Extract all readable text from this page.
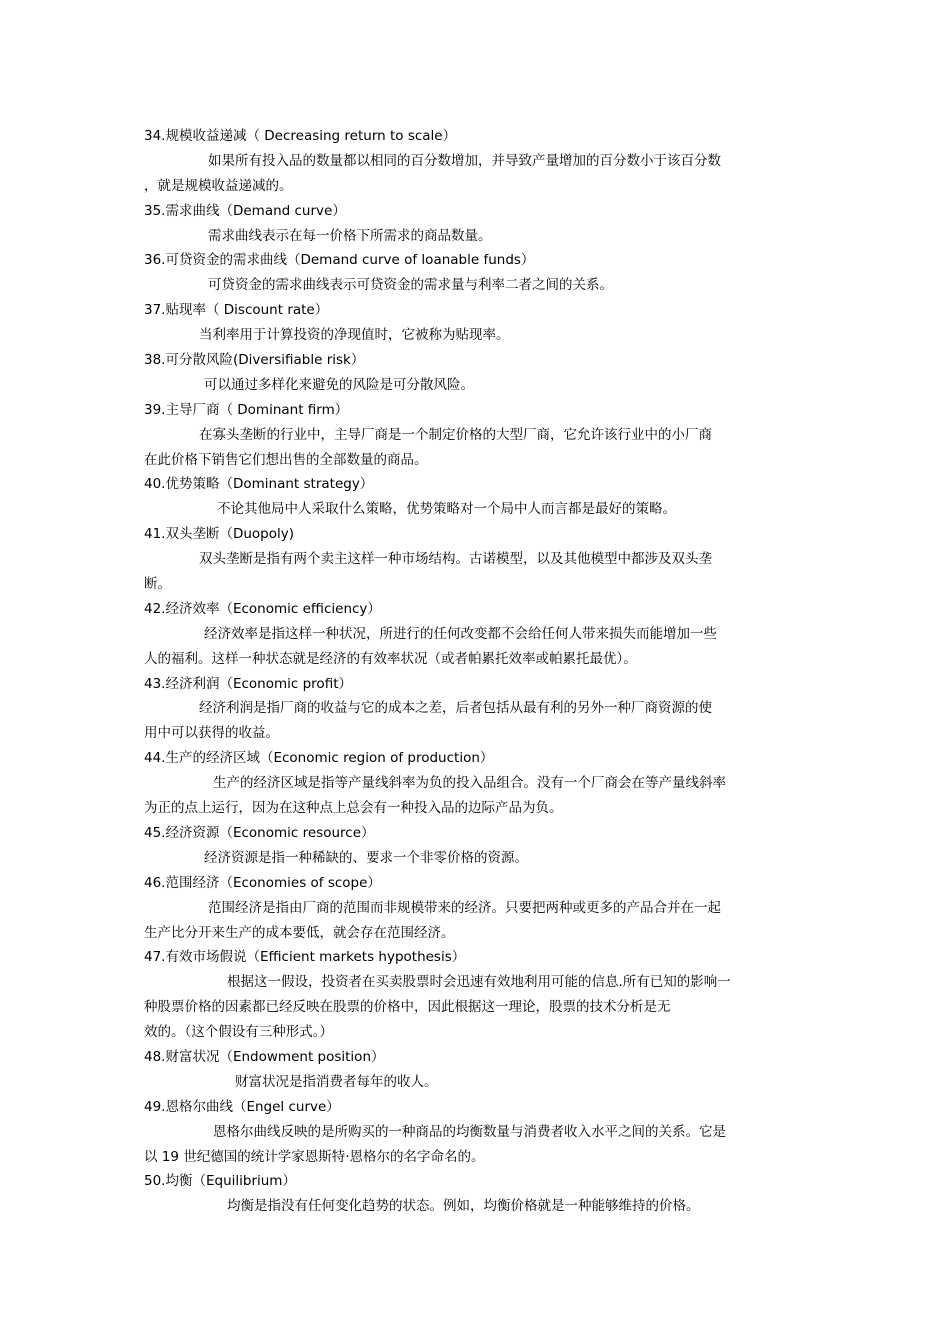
34.规模收益递减（ Decreasing return to scale）
如果所有投入品的数量都以相同的百分数增加，并导致产量增加的百分数小于该百分数
，就是规模收益递减的。
35.需求曲线（Demand curve）
需求曲线表示在每一价格下所需求的商品数量。
36.可贷资金的需求曲线（Demand curve of loanable funds）
可贷资金的需求曲线表示可贷资金的需求量与利率二者之间的关系。
37.贴现率（ Discount rate）
当利率用于计算投资的净现值时，它被称为贴现率。
38.可分散风险(Diversifiable risk）
可以通过多样化来避免的风险是可分散风险。
39.主导厂商（ Dominant firm）
在寡头垄断的行业中，主导厂商是一个制定价格的大型厂商，它允许该行业中的小厂商
在此价格下销售它们想出售的全部数量的商品。
40.优势策略（Dominant strategy）
不论其他局中人采取什么策略，优势策略对一个局中人而言都是最好的策略。
41.双头垄断（Duopoly)
双头垄断是指有两个卖主这样一种市场结构。古诺模型，以及其他模型中都涉及双头垄
断。
42.经济效率（Economic efficiency）
经济效率是指这样一种状况，所进行的任何改变都不会给任何人带来损失而能增加一些
人的福利。这样一种状态就是经济的有效率状况（或者帕累托效率或帕累托最优）。
43.经济利润（Economic profit）
经济利润是指厂商的收益与它的成本之差，后者包括从最有利的另外一种厂商资源的使
用中可以获得的收益。
44.生产的经济区域（Economic region of production）
生产的经济区域是指等产量线斜率为负的投入品组合。没有一个厂商会在等产量线斜率
为正的点上运行，因为在这种点上总会有一种投入品的边际产品为负。
45.经济资源（Economic resource）
经济资源是指一种稀缺的、要求一个非零价格的资源。
46.范围经济（Economies of scope）
范围经济是指由厂商的范围而非规模带来的经济。只要把两种或更多的产品合并在一起
生产比分开来生产的成本要低，就会存在范围经济。
47.有效市场假说（Efficient markets hypothesis）
根据这一假设，投资者在买卖股票时会迅速有效地利用可能的信息.所有已知的影响一
种股票价格的因素都已经反映在股票的价格中，因此根据这一理论，股票的技术分析是无
效的。（这个假设有三种形式。）
48.财富状况（Endowment position）
财富状况是指消费者每年的收人。
49.恩格尔曲线（Engel curve）
恩格尔曲线反映的是所购买的一种商品的均衡数量与消费者收入水平之间的关系。它是
以 19 世纪德国的统计学家恩斯特·恩格尔的名字命名的。
50.均衡（Equilibrium）
均衡是指没有任何变化趋势的状态。例如，均衡价格就是一种能够维持的价格。
